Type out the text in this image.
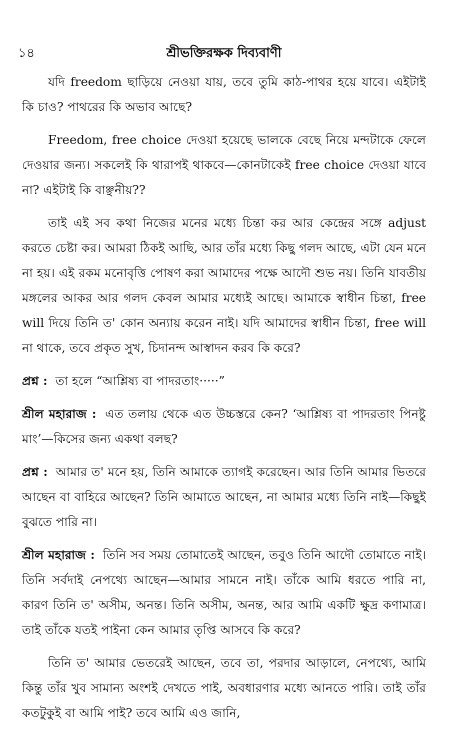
১৪	শ্রীভক্তিরক্ষক দিব্যবাণী

যদি freedom ছাড়িয়ে নেওয়া যায়, তবে তুমি কাঠ-পাথর হয়ে যাবে। এইটাই কি চাও? পাথরের কি অভাব আছে?

Freedom, free choice দেওয়া হয়েছে ভালকে বেছে নিয়ে মন্দটাকে ফেলে দেওয়ার জন্য। সকলেই কি থারাপই থাকবে—কোনটাকেই free choice দেওয়া যাবে না? এইটাই কি বাঞ্ছনীয়??

তাই এই সব কথা নিজের মনের মধ্যে চিন্তা কর আর কেন্দ্রের সঙ্গে adjust করতে চেষ্টা কর। আমরা ঠিকই আছি, আর তাঁর মধ্যে কিছু গলদ আছে, এটা যেন মনে না হয়। এই রকম মনোবৃত্তি পোষণ করা আমাদের পক্ষে আদৌ শুভ নয়। তিনি যাবতীয় মঙ্গলের আকর আর গলদ কেবল আমার মধ্যেই আছে। আমাকে স্বাধীন চিন্তা, free will দিয়ে তিনি ত' কোন অন্যায় করেন নাই। যদি আমাদের স্বাধীন চিন্তা, free will না থাকে, তবে প্রকৃত সুখ, চিদানন্দ আস্বাদন করব কি করে?

প্রশ্ন : তা হলে “আশ্লিষ্য বা পাদরতাং·····”

শ্রীল মহারাজ : এত তলায় থেকে এত উচ্চস্তরে কেন? ‘আশ্লিষ্য বা পাদরতাং পিনষ্টু মাং’—কিসের জন্য একথা বলছ?

প্রশ্ন : আমার ত' মনে হয়, তিনি আমাকে ত্যাগই করেছেন। আর তিনি আমার ভিতরে আছেন বা বাহিরে আছেন? তিনি আমাতে আছেন, না আমার মধ্যে তিনি নাই—কিছুই বুঝতে পারি না।

শ্রীল মহারাজ : তিনি সব সময় তোমাতেই আছেন, তবুও তিনি আদৌ তোমাতে নাই। তিনি সর্বদাই নেপথ্যে আছেন—আমার সামনে নাই। তাঁকে আমি ধরতে পারি না, কারণ তিনি ত' অসীম, অনন্ত। তিনি অসীম, অনন্ত, আর আমি একটি ক্ষুদ্র কণামাত্র। তাই তাঁকে যতই পাইনা কেন আমার তৃপ্তি আসবে কি করে?

তিনি ত' আমার ভেতরেই আছেন, তবে তা, পরদার আড়ালে, নেপথ্যে, আমি কিন্তু তাঁর খুব সামান্য অংশই দেখতে পাই, অবধারণার মধ্যে আনতে পারি। তাই তাঁর কতটুকুই বা আমি পাই? তবে আমি এও জানি,
